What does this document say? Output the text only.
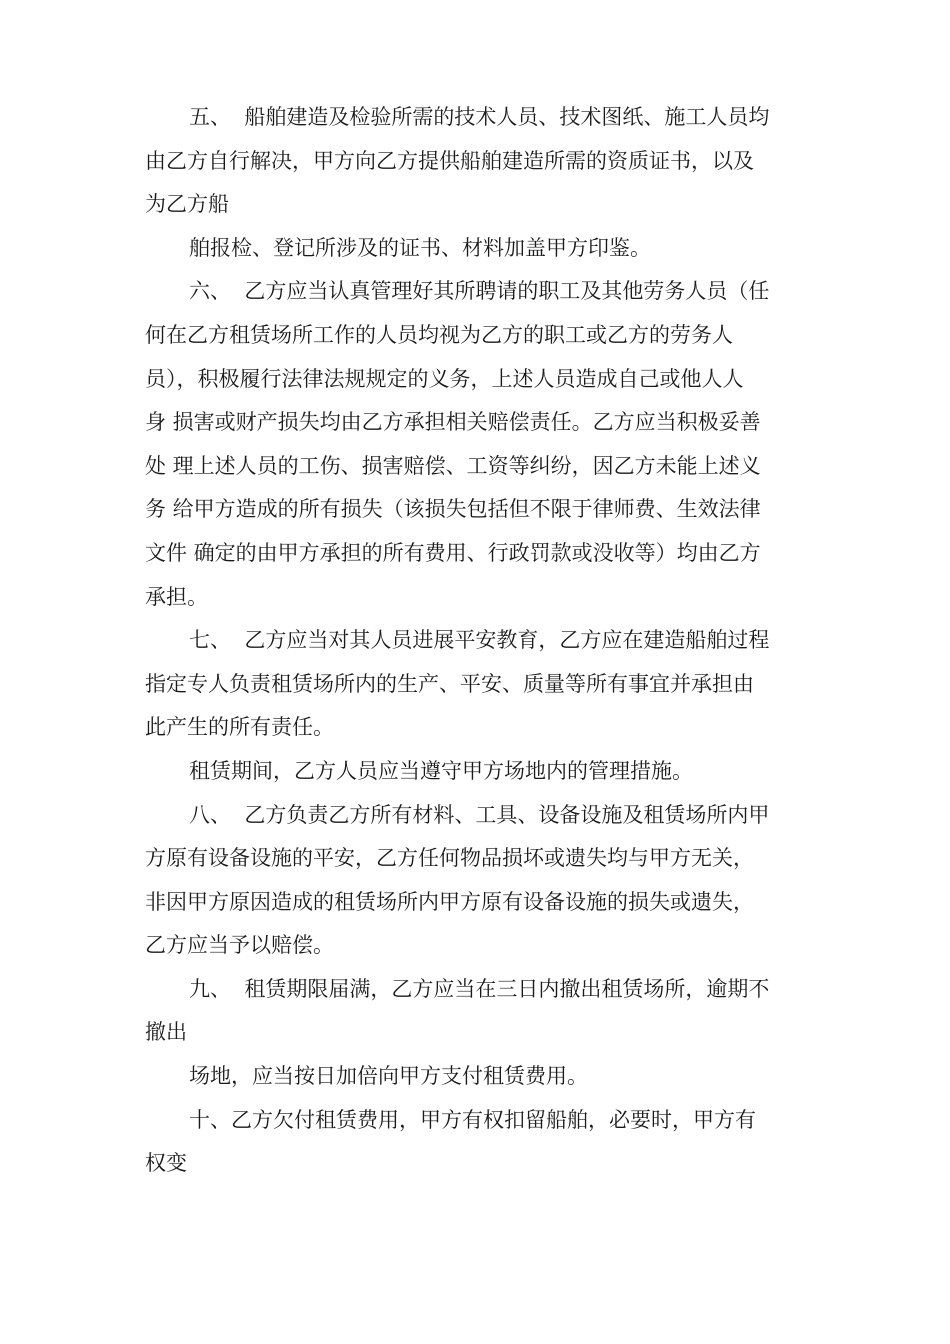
五、  船舶建造及检验所需的技术人员、技术图纸、施工人员均
由乙方自行解决，甲方向乙方提供船舶建造所需的资质证书，以及
为乙方船
舶报检、登记所涉及的证书、材料加盖甲方印鉴。
六、  乙方应当认真管理好其所聘请的职工及其他劳务人员（任
何在乙方租赁场所工作的人员均视为乙方的职工或乙方的劳务人
员），积极履行法律法规规定的义务，上述人员造成自己或他人人
身 损害或财产损失均由乙方承担相关赔偿责任。乙方应当积极妥善
处 理上述人员的工伤、损害赔偿、工资等纠纷，因乙方未能上述义
务 给甲方造成的所有损失（该损失包括但不限于律师费、生效法律
文件 确定的由甲方承担的所有费用、行政罚款或没收等）均由乙方
承担。
七、  乙方应当对其人员进展平安教育，乙方应在建造船舶过程
指定专人负责租赁场所内的生产、平安、质量等所有事宜并承担由
此产生的所有责任。
租赁期间，乙方人员应当遵守甲方场地内的管理措施。
八、  乙方负责乙方所有材料、工具、设备设施及租赁场所内甲
方原有设备设施的平安，乙方任何物品损坏或遗失均与甲方无关，
非因甲方原因造成的租赁场所内甲方原有设备设施的损失或遗失，
乙方应当予以赔偿。
九、  租赁期限届满，乙方应当在三日内撤出租赁场所，逾期不
撤出
场地，应当按日加倍向甲方支付租赁费用。
十、乙方欠付租赁费用，甲方有权扣留船舶，必要时，甲方有
权变
